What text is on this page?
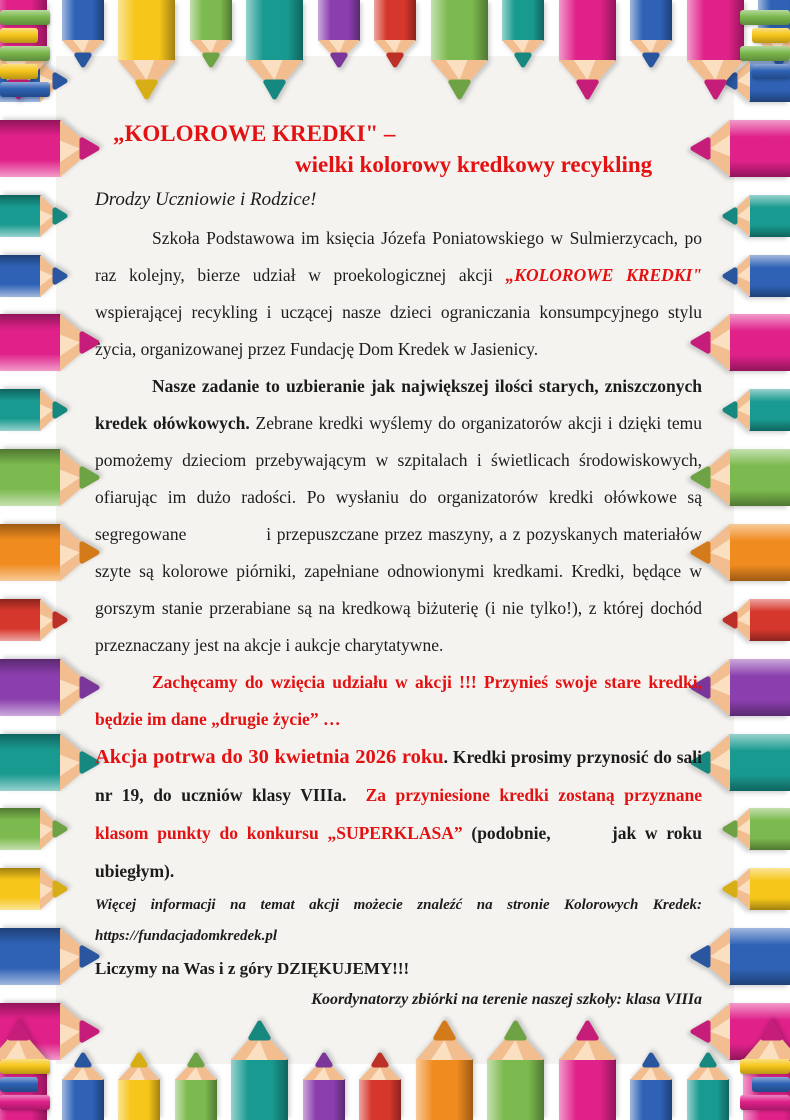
„KOLOROWE KREDKI" –

wielki kolorowy kredkowy recykling

Drodzy Uczniowie i Rodzice!

Szkoła Podstawowa im księcia Józefa Poniatowskiego w Sulmierzycach, po raz kolejny, bierze udział w proekologicznej akcji „KOLOROWE KREDKI" wspierającej recykling i uczącej nasze dzieci ograniczania konsumpcyjnego stylu życia, organizowanej przez Fundację Dom Kredek w Jasienicy.

Nasze zadanie to uzbieranie jak największej ilości starych, zniszczonych kredek ołówkowych. Zebrane kredki wyślemy do organizatorów akcji i dzięki temu pomożemy dzieciom przebywającym w szpitalach i świetlicach środowiskowych, ofiarując im dużo radości. Po wysłaniu do organizatorów kredki ołówkowe są segregowane              i przepuszczane przez maszyny, a z pozyskanych materiałów szyte są kolorowe piórniki, zapełniane odnowionymi kredkami. Kredki, będące w gorszym stanie przerabiane są na kredkową biżuterię (i nie tylko!), z której dochód przeznaczany jest na akcje i aukcje charytatywne.

Zachęcamy do wzięcia udziału w akcji !!! Przynieś swoje stare kredki, będzie im dane „drugie życie” …

Akcja potrwa do 30 kwietnia 2026 roku. Kredki prosimy przynosić do sali nr 19, do uczniów klasy VIIIa.  Za przyniesione kredki zostaną przyznane klasom punkty do konkursu „SUPERKLASA” (podobnie,       jak w roku ubiegłym).

Więcej informacji na temat akcji możecie znaleźć na stronie Kolorowych Kredek: https://fundacjadomkredek.pl

Liczymy na Was i z góry DZIĘKUJEMY!!!

Koordynatorzy zbiórki na terenie naszej szkoły: klasa VIIIa
